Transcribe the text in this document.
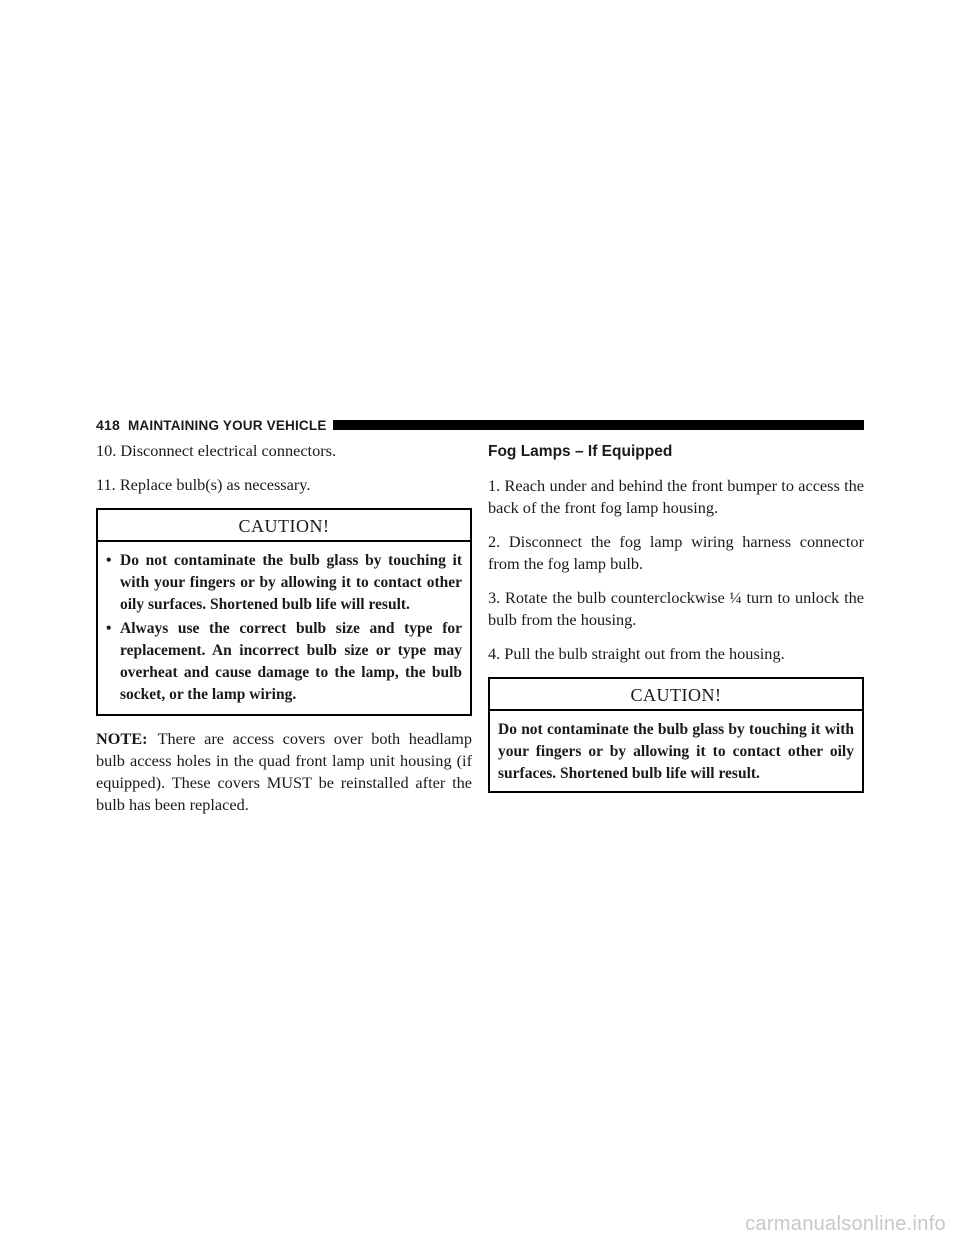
418 MAINTAINING YOUR VEHICLE

10. Disconnect electrical connectors.

11. Replace bulb(s) as necessary.

CAUTION!
• Do not contaminate the bulb glass by touching it with your fingers or by allowing it to contact other oily surfaces. Shortened bulb life will result.
• Always use the correct bulb size and type for replacement. An incorrect bulb size or type may overheat and cause damage to the lamp, the bulb socket, or the lamp wiring.

NOTE: There are access covers over both headlamp bulb access holes in the quad front lamp unit housing (if equipped). These covers MUST be reinstalled after the bulb has been replaced.

Fog Lamps – If Equipped

1. Reach under and behind the front bumper to access the back of the front fog lamp housing.

2. Disconnect the fog lamp wiring harness connector from the fog lamp bulb.

3. Rotate the bulb counterclockwise ¼ turn to unlock the bulb from the housing.

4. Pull the bulb straight out from the housing.

CAUTION!

Do not contaminate the bulb glass by touching it with your fingers or by allowing it to contact other oily surfaces. Shortened bulb life will result.

carmanualsonline.info
